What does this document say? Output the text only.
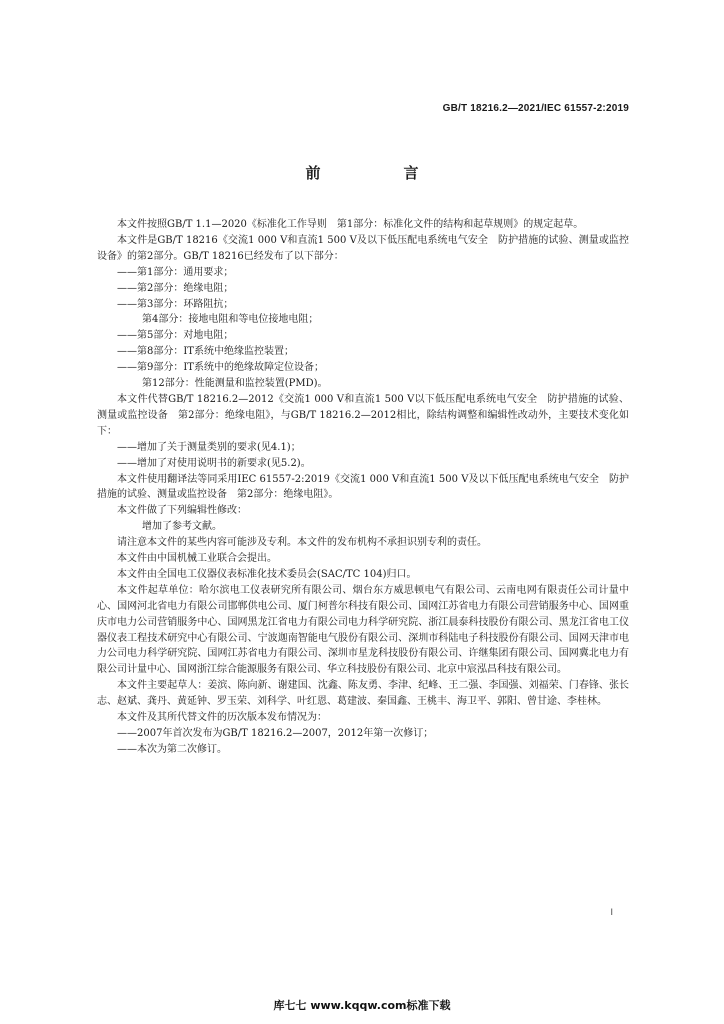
GB/T 18216.2—2021/IEC 61557-2:2019
前　言

本文件按照GB/T 1.1—2020《标准化工作导则　第1部分：标准化文件的结构和起草规则》的规定起草。

本文件是GB/T 18216《交流1 000 V和直流1 500 V及以下低压配电系统电气安全　防护措施的试验、测量或监控设备》的第2部分。GB/T 18216已经发布了以下部分：

——第1部分：通用要求；

——第2部分：绝缘电阻；

——第3部分：环路阻抗；

第4部分：接地电阻和等电位接地电阻；

——第5部分：对地电阻；

——第8部分：IT系统中绝缘监控装置；

——第9部分：IT系统中的绝缘故障定位设备；

第12部分：性能测量和监控装置(PMD)。

本文件代替GB/T 18216.2—2012《交流1 000 V和直流1 500 V以下低压配电系统电气安全　防护措施的试验、测量或监控设备　第2部分：绝缘电阻》，与GB/T 18216.2—2012相比，除结构调整和编辑性改动外，主要技术变化如下：

——增加了关于测量类别的要求(见4.1)；

——增加了对使用说明书的新要求(见5.2)。

本文件使用翻译法等同采用IEC 61557-2:2019《交流1 000 V和直流1 500 V及以下低压配电系统电气安全　防护措施的试验、测量或监控设备　第2部分：绝缘电阻》。

本文件做了下列编辑性修改：

增加了参考文献。

请注意本文件的某些内容可能涉及专利。本文件的发布机构不承担识别专利的责任。

本文件由中国机械工业联合会提出。

本文件由全国电工仪器仪表标准化技术委员会(SAC/TC 104)归口。

本文件起草单位：哈尔滨电工仪表研究所有限公司、烟台东方威思顿电气有限公司、云南电网有限责任公司计量中心、国网河北省电力有限公司邯郸供电公司、厦门柯普尔科技有限公司、国网江苏省电力有限公司营销服务中心、国网重庆市电力公司营销服务中心、国网黑龙江省电力有限公司电力科学研究院、浙江晨泰科技股份有限公司、黑龙江省电工仪器仪表工程技术研究中心有限公司、宁波迦南智能电气股份有限公司、深圳市科陆电子科技股份有限公司、国网天津市电力公司电力科学研究院、国网江苏省电力有限公司、深圳市星龙科技股份有限公司、许继集团有限公司、国网冀北电力有限公司计量中心、国网浙江综合能源服务有限公司、华立科技股份有限公司、北京中宸泓昌科技有限公司。

本文件主要起草人：姜滨、陈向新、谢建国、沈鑫、陈友勇、李津、纪峰、王二强、李国强、刘福荣、门春锋、张长志、赵斌、龚丹、黄延钟、罗玉荣、刘科学、叶红恩、葛建波、秦国鑫、王桃丰、海卫平、郭阳、曾甘途、李桂林。

本文件及其所代替文件的历次版本发布情况为：

——2007年首次发布为GB/T 18216.2—2007，2012年第一次修订；

——本次为第二次修订。

I
库七七 www.kqqw.com标准下载
